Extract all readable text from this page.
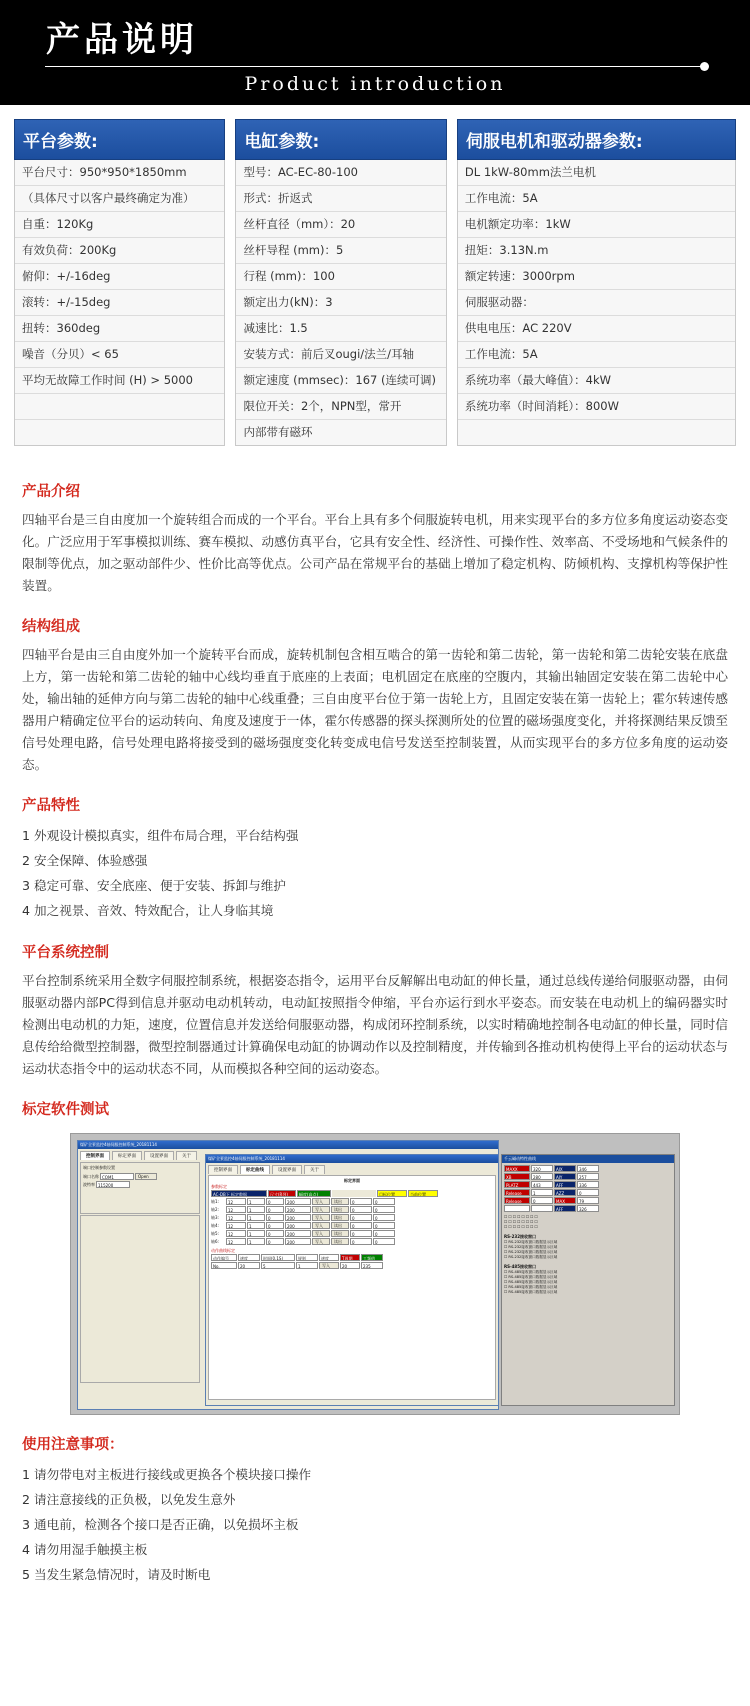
产品说明
Product introduction
平台参数:
平台尺寸：950*950*1850mm
（具体尺寸以客户最终确定为准）
自重：120Kg
有效负荷：200Kg
俯仰：+/-16deg
滚转：+/-15deg
扭转：360deg
噪音（分贝）< 65
平均无故障工作时间 (H) > 5000

电缸参数:
型号：AC-EC-80-100
形式：折返式
丝杆直径（mm）：20
丝杆导程 (mm)：5
行程 (mm)：100
额定出力(kN)：3
减速比：1.5
安装方式：前后叉ougi/法兰/耳轴
额定速度 (mmsec)：167 (连续可调)
限位开关：2个，NPN型，常开
内部带有磁环
伺服电机和驱动器参数:
DL 1kW-80mm法兰电机
工作电流：5A
电机额定功率：1kW
扭矩：3.13N.m
额定转速：3000rpm
伺服驱动器：
供电电压：AC 220V
工作电流：5A
系统功率（最大峰值）：4kW
系统功率（时间消耗）：800W

产品介绍

四轴平台是三自由度加一个旋转组合而成的一个平台。平台上具有多个伺服旋转电机，用来实现平台的多方位多角度运动姿态变化。广泛应用于军事模拟训练、赛车模拟、动感仿真平台，它具有安全性、经济性、可操作性、效率高、不受场地和气候条件的限制等优点，加之驱动部件少、性价比高等优点。公司产品在常规平台的基础上增加了稳定机构、防倾机构、支撑机构等保护性装置。

结构组成

四轴平台是由三自由度外加一个旋转平台而成，旋转机制包含相互啮合的第一齿轮和第二齿轮，第一齿轮和第二齿轮安装在底盘上方，第一齿轮和第二齿轮的轴中心线均垂直于底座的上表面；电机固定在底座的空腹内，其输出轴固定安装在第二齿轮中心处，输出轴的延伸方向与第二齿轮的轴中心线重叠；三自由度平台位于第一齿轮上方，且固定安装在第一齿轮上；霍尔转速传感器用户精确定位平台的运动转向、角度及速度于一体，霍尔传感器的探头探测所处的位置的磁场强度变化，并将探测结果反馈至信号处理电路，信号处理电路将接受到的磁场强度变化转变成电信号发送至控制装置，从而实现平台的多方位多角度的运动姿态。

产品特性
1 外观设计模拟真实，组件布局合理，平台结构强
2 安全保障、体验感强
3 稳定可靠、安全底座、便于安装、拆卸与维护
4 加之视景、音效、特效配合，让人身临其境
平台系统控制

平台控制系统采用全数字伺服控制系统，根据姿态指令，运用平台反解解出电动缸的伸长量，通过总线传递给伺服驱动器，由伺服驱动器内部PC得到信息并驱动电动机转动，电动缸按照指令伸缩，平台亦运行到水平姿态。而安装在电动机上的编码器实时检测出电动机的力矩，速度，位置信息并发送给伺服驱动器，构成闭环控制系统，以实时精确地控制各电动缸的伸长量，同时信息传给给微型控制器，微型控制器通过计算确保电动缸的协调动作以及控制精度，并传输到各推动机构使得上平台的运动状态与运动状态指令中的运动状态不同，从而模拟各种空间的运动姿态。

标定软件测试
煤矿全景监控4轴伺服控制系统_20181114
控制界面	标定界面	设置界面	关于
端口控制参数设置
端口名称 COM1	Open
波特率 115200
煤矿全景监控4轴伺服控制系统_20181114
控制界面	标定曲线	设置界面	关于
标定界面
参数标定
AC-DB下 标定数据	尺寸(R列)	幅度(高点)	目标位置	当前位置
轴1:	12	1	0	200	写入	读出	0	0
轴2:	12	1	0	200	写入	读出	0	0
轴3:	12	1	0	200	写入	读出	0	0
轴4:	12	1	0	200	写入	读出	0	0
轴5:	12	1	0	200	写入	读出	0	0
轴6:	12	1	0	200	写入	读出	0	0
动作曲线标定
动作编号	速度	时间(0.1S)	规则	速度	T周期	工频值
No.	20	5	1	写入	20	235
千云碱动特性曲线
MAXX	320	AIX	346
XB	280	AIY	257
PLATZ	443	AFF	336
Release	1	AZZ	0
Release	0	MAX	79
AFF	326
☐ ☐ ☐ ☐ ☐ ☐ ☐ ☐
☐ ☐ ☐ ☐ ☐ ☐ ☐ ☐
☐ ☐ ☐ ☐ ☐ ☐ ☐ ☐
RS-232接收窗口
☐ RS-232接收窗口数据显示区域
☐ RS-232接收窗口数据显示区域
☐ RS-232接收窗口数据显示区域
☐ RS-232接收窗口数据显示区域
RS-485接收窗口
☐ RS-485接收窗口数据显示区域
☐ RS-485接收窗口数据显示区域
☐ RS-485接收窗口数据显示区域
☐ RS-485接收窗口数据显示区域
☐ RS-485接收窗口数据显示区域
使用注意事项：
1 请勿带电对主板进行接线或更换各个模块接口操作
2 请注意接线的正负极，以免发生意外
3 通电前，检测各个接口是否正确，以免损坏主板
4 请勿用湿手触摸主板
5 当发生紧急情况时，请及时断电
